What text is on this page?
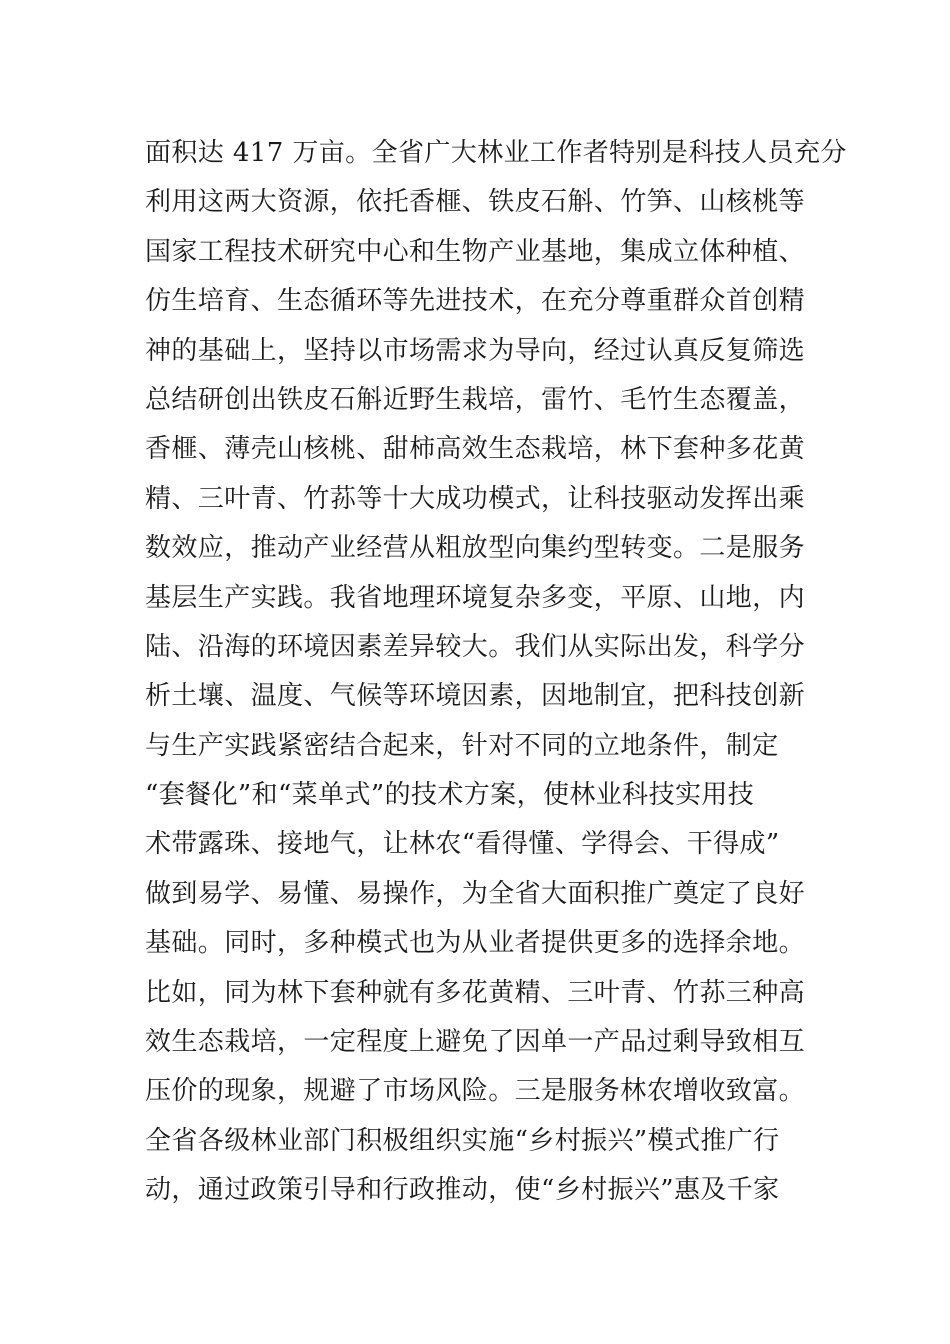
面积达 417 万亩。全省广大林业工作者特别是科技人员充分
利用这两大资源，依托香榧、铁皮石斛、竹笋、山核桃等
国家工程技术研究中心和生物产业基地，集成立体种植、
仿生培育、生态循环等先进技术，在充分尊重群众首创精
神的基础上，坚持以市场需求为导向，经过认真反复筛选
总结研创出铁皮石斛近野生栽培，雷竹、毛竹生态覆盖，
香榧、薄壳山核桃、甜柿高效生态栽培，林下套种多花黄
精、三叶青、竹荪等十大成功模式，让科技驱动发挥出乘
数效应，推动产业经营从粗放型向集约型转变。二是服务
基层生产实践。我省地理环境复杂多变，平原、山地，内
陆、沿海的环境因素差异较大。我们从实际出发，科学分
析土壤、温度、气候等环境因素，因地制宜，把科技创新
与生产实践紧密结合起来，针对不同的立地条件，制定
“套餐化”和“菜单式”的技术方案，使林业科技实用技
术带露珠、接地气，让林农“看得懂、学得会、干得成”
做到易学、易懂、易操作，为全省大面积推广奠定了良好
基础。同时，多种模式也为从业者提供更多的选择余地。
比如，同为林下套种就有多花黄精、三叶青、竹荪三种高
效生态栽培，一定程度上避免了因单一产品过剩导致相互
压价的现象，规避了市场风险。三是服务林农增收致富。
全省各级林业部门积极组织实施“乡村振兴”模式推广行
动，通过政策引导和行政推动，使“乡村振兴”惠及千家
